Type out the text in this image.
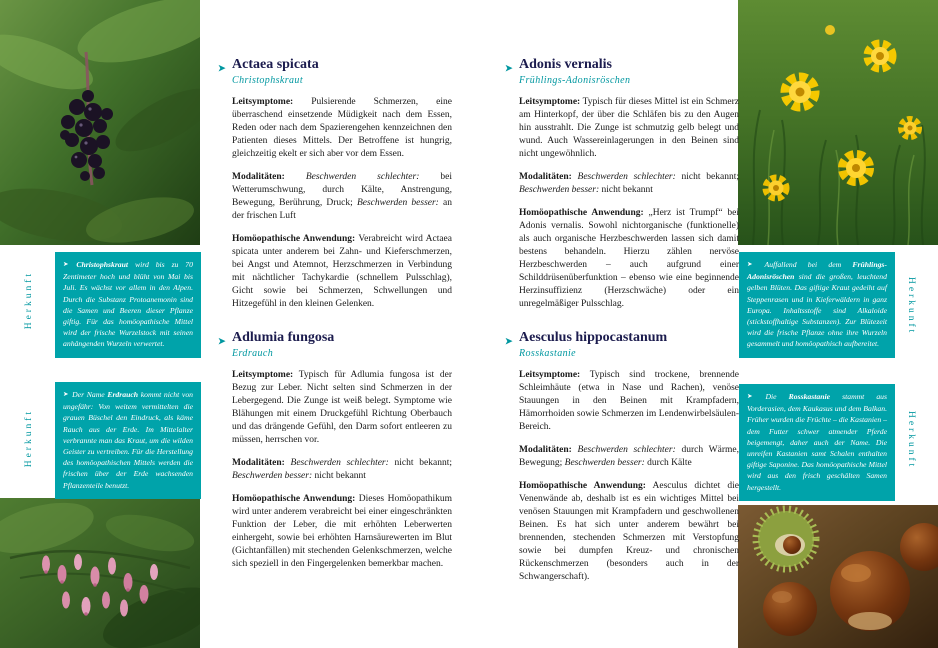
Herkunft
Herkunft
Herkunft
Herkunft
➤ Christophskraut wird bis zu 70 Zentimeter hoch und blüht von Mai bis Juli. Es wächst vor allem in den Alpen. Durch die Substanz Protoanemonin sind die Samen und Beeren dieser Pflanze giftig. Für das homöopathische Mittel wird der frische Wurzelstock mit seinen anhängenden Wurzeln verwertet.
➤ Der Name Erdrauch kommt nicht von ungefähr: Von weitem vermittelten die grauen Büschel den Eindruck, als käme Rauch aus der Erde. Im Mittelalter verbrannte man das Kraut, um die wilden Geister zu vertreiben. Für die Herstellung des homöopathischen Mittels werden die frischen über der Erde wachsenden Pflanzenteile benutzt.
➤ Auffallend bei dem Frühlings-Adonisröschen sind die großen, leuchtend gelben Blüten. Das giftige Kraut gedeiht auf Steppenrasen und in Kieferwäldern in ganz Europa. Inhaltsstoffe sind Alkaloide (stickstoffhaltige Substanzen). Zur Blütezeit wird die frische Pflanze ohne ihre Wurzeln gesammelt und homöopathisch aufbereitet.
➤ Die Rosskastanie stammt aus Vorderasien, dem Kaukasus und dem Balkan. Früher wurden die Früchte – die Kastanien – dem Futter schwer atmender Pferde beigemengt, daher auch der Name. Die unreifen Kastanien samt Schalen enthalten giftige Saponine. Das homöopathische Mittel wird aus den frisch geschälten Samen hergestellt.
➤ Actaea spicata
Christophskraut

Leitsymptome: Pulsierende Schmerzen, eine überraschend einsetzende Müdigkeit nach dem Essen, Reden oder nach dem Spazierengehen kennzeichnen den Patienten dieses Mittels. Der Betroffene ist hungrig, gleichzeitig ekelt er sich aber vor dem Essen.

Modalitäten: Beschwerden schlechter: bei Wetterumschwung, durch Kälte, Anstrengung, Bewegung, Berührung, Druck; Beschwerden besser: an der frischen Luft

Homöopathische Anwendung: Verabreicht wird Actaea spicata unter anderem bei Zahn- und Kieferschmerzen, bei Angst und Atemnot, Herzschmerzen in Verbindung mit nächtlicher Tachykardie (schnellem Pulsschlag), Gicht sowie bei Schmerzen, Schwellungen und Hitzegefühl in den kleinen Gelenken.

➤ Adlumia fungosa
Erdrauch

Leitsymptome: Typisch für Adlumia fungosa ist der Bezug zur Leber. Nicht selten sind Schmerzen in der Lebergegend. Die Zunge ist weiß belegt. Symptome wie Blähungen mit einem Druckgefühl Richtung Oberbauch und das drängende Gefühl, den Darm sofort entleeren zu müssen, herrschen vor.

Modalitäten: Beschwerden schlechter: nicht bekannt; Beschwerden besser: nicht bekannt

Homöopathische Anwendung: Dieses Homöopathikum wird unter anderem verabreicht bei einer eingeschränkten Funktion der Leber, die mit erhöhten Leberwerten einhergeht, sowie bei erhöhten Harnsäurewerten im Blut (Gichtanfällen) mit stechenden Gelenkschmerzen, welche sich speziell in den Fingergelenken bemerkbar machen.

➤ Adonis vernalis
Frühlings-Adonisröschen

Leitsymptome: Typisch für dieses Mittel ist ein Schmerz am Hinterkopf, der über die Schläfen bis zu den Augen hin ausstrahlt. Die Zunge ist schmutzig gelb belegt und wund. Auch Wassereinlagerungen in den Beinen sind nicht ungewöhnlich.

Modalitäten: Beschwerden schlechter: nicht bekannt; Beschwerden besser: nicht bekannt

Homöopathische Anwendung: „Herz ist Trumpf“ bei Adonis vernalis. Sowohl nichtorganische (funktionelle) als auch organische Herzbeschwerden lassen sich damit bestens behandeln. Hierzu zählen nervöse Herzbeschwerden – auch aufgrund einer Schilddrüsenüberfunktion – ebenso wie eine beginnende Herzinsuffizienz (Herzschwäche) oder ein unregelmäßiger Pulsschlag.

➤ Aesculus hippocastanum
Rosskastanie

Leitsymptome: Typisch sind trockene, brennende Schleimhäute (etwa in Nase und Rachen), venöse Stauungen in den Beinen mit Krampfadern, Hämorrhoiden sowie Schmerzen im Lendenwirbelsäulen-Bereich.

Modalitäten: Beschwerden schlechter: durch Wärme, Bewegung; Beschwerden besser: durch Kälte

Homöopathische Anwendung: Aesculus dichtet die Venenwände ab, deshalb ist es ein wichtiges Mittel bei venösen Stauungen mit Krampfadern und geschwollenen Beinen. Es hat sich unter anderem bewährt bei brennenden, stechenden Schmerzen mit Verstopfung sowie bei dumpfen Kreuz- und chronischen Rückenschmerzen (besonders auch in der Schwangerschaft).
